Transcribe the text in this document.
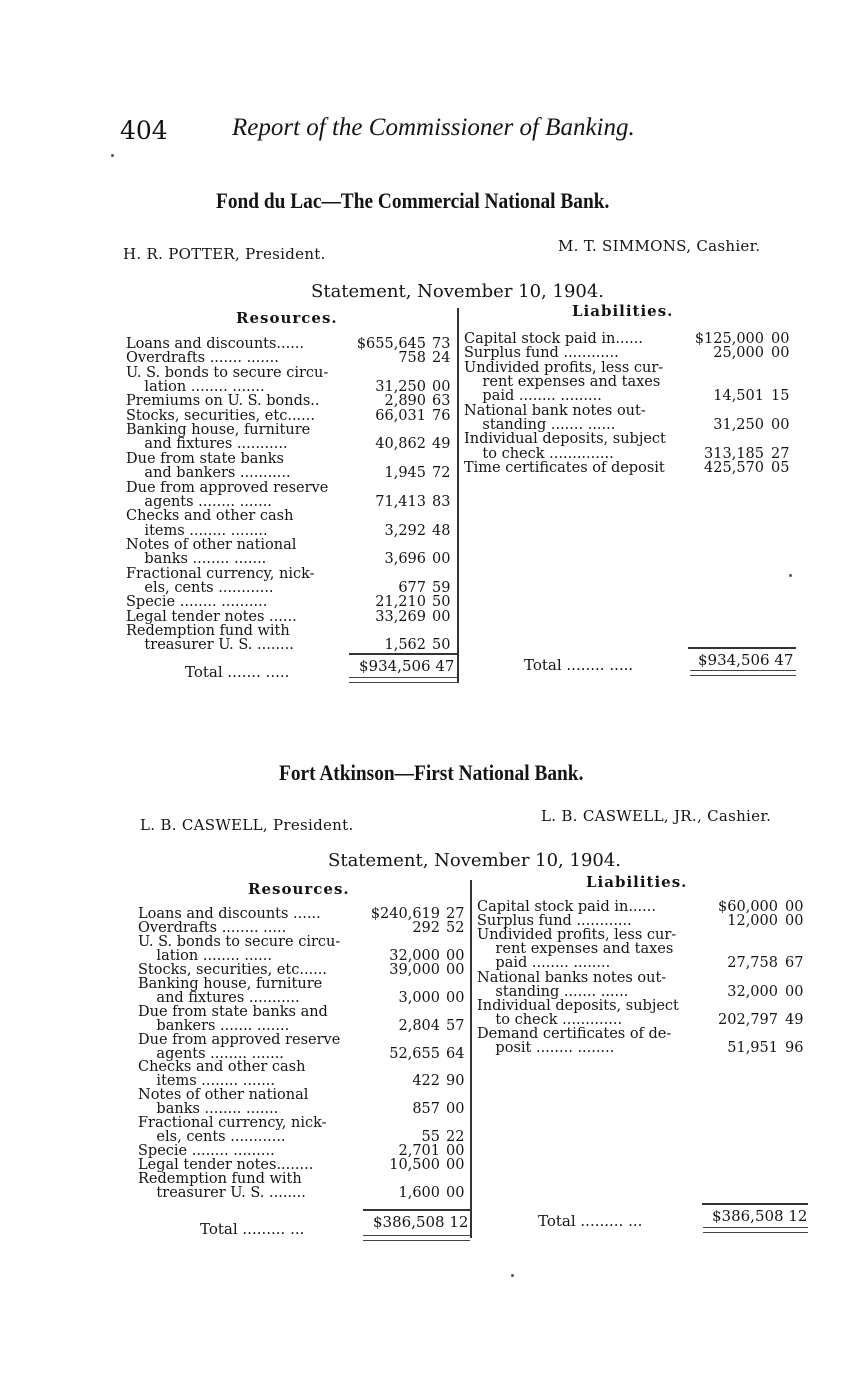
404	Report of the Commissioner of Banking.
Fond du Lac—The Commercial National Bank.
H. R. POTTER, President.	M. T. SIMMONS, Cashier.
Statement, November 10, 1904.
Resources.	Liabilities.
Loans and discounts......	$655,645 73
Overdrafts ....... .......	758 24
U. S. bonds to secure circu-
lation ........ .......	31,250 00
Premiums on U. S. bonds..	2,890 63
Stocks, securities, etc......	66,031 76
Banking house, furniture
and fixtures ...........	40,862 49
Due from state banks
and bankers ...........	1,945 72
Due from approved reserve
agents ........ .......	71,413 83
Checks and other cash
items ........ ........	3,292 48
Notes of other national
banks ........ .......	3,696 00
Fractional currency, nick-
els, cents ............	677 59
Specie ........ ..........	21,210 50
Legal tender notes ......	33,269 00
Redemption fund with
treasurer U. S. ........	1,562 50
Capital stock paid in......	$125,000 00
Surplus fund ............	25,000 00
Undivided profits, less cur-
rent expenses and taxes
paid ........ .........	14,501 15
National bank notes out-
standing ....... ......	31,250 00
Individual deposits, subject
to check ..............	313,185 27
Time certificates of deposit	425,570 05
Total ....... .....	$934,506 47	Total ........ .....	$934,506 47
Fort Atkinson—First National Bank.
L. B. CASWELL, President.	L. B. CASWELL, JR., Cashier.
Statement, November 10, 1904.
Resources.	Liabilities.
Loans and discounts ......	$240,619 27
Overdrafts ........ .....	292 52
U. S. bonds to secure circu-
lation ........ ......	32,000 00
Stocks, securities, etc......	39,000 00
Banking house, furniture
and fixtures ...........	3,000 00
Due from state banks and
bankers ....... .......	2,804 57
Due from approved reserve
agents ........ .......	52,655 64
Checks and other cash
items ........ .......	422 90
Notes of other national
banks ........ .......	857 00
Fractional currency, nick-
els, cents ............	55 22
Specie ........ .........	2,701 00
Legal tender notes........	10,500 00
Redemption fund with
treasurer U. S. ........	1,600 00
Capital stock paid in......	$60,000 00
Surplus fund ............	12,000 00
Undivided profits, less cur-
rent expenses and taxes
paid ........ ........	27,758 67
National banks notes out-
standing ....... ......	32,000 00
Individual deposits, subject
to check .............	202,797 49
Demand certificates of de-
posit ........ ........	51,951 96
Total ......... ...	$386,508 12	Total ......... ...	$386,508 12
